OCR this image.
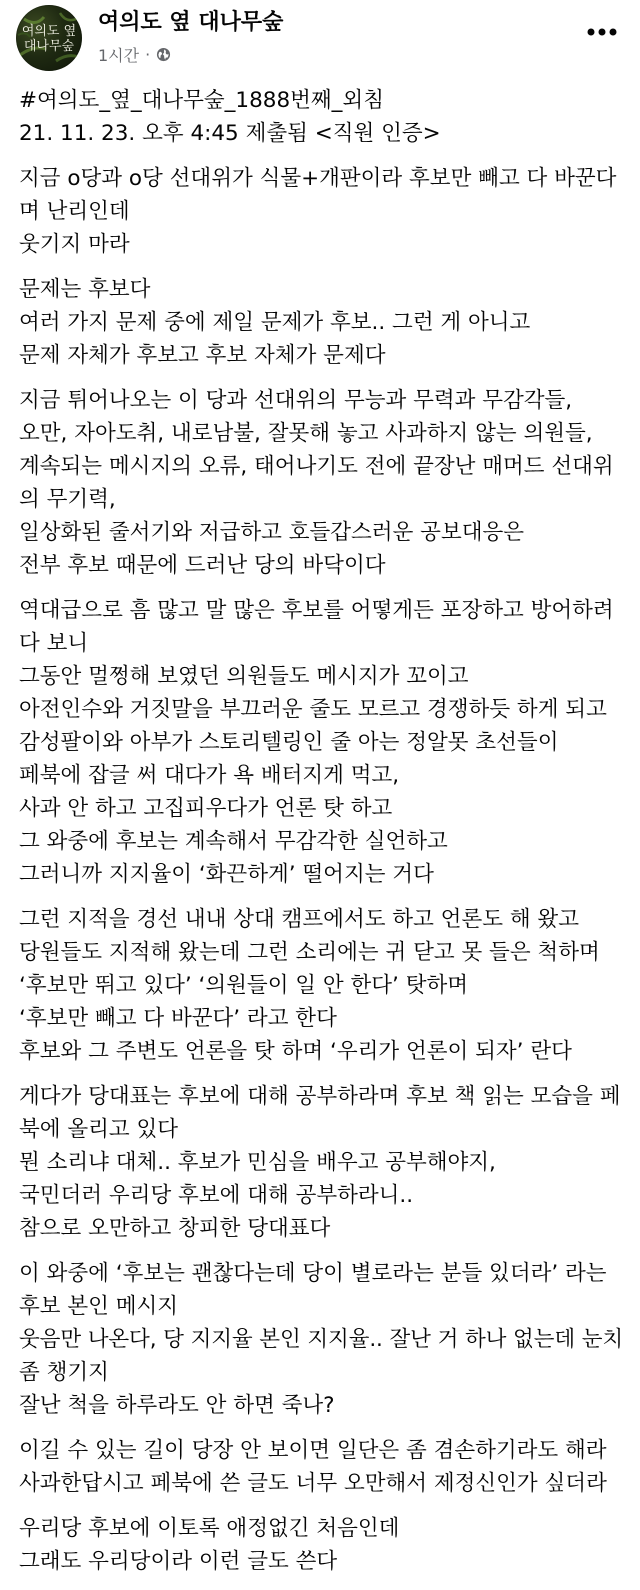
여의도 옆
대나무숲
여의도 옆 대나무숲
1시간 ·
#여의도_옆_대나무숲_1888번째_외침
21. 11. 23. 오후 4:45 제출됨 <직원 인증>
지금 o당과 o당 선대위가 식물+개판이라 후보만 빼고 다 바꾼다
며 난리인데
웃기지 마라
문제는 후보다
여러 가지 문제 중에 제일 문제가 후보.. 그런 게 아니고
문제 자체가 후보고 후보 자체가 문제다
지금 튀어나오는 이 당과 선대위의 무능과 무력과 무감각들,
오만, 자아도취, 내로남불, 잘못해 놓고 사과하지 않는 의원들,
계속되는 메시지의 오류, 태어나기도 전에 끝장난 매머드 선대위
의 무기력,
일상화된 줄서기와 저급하고 호들갑스러운 공보대응은
전부 후보 때문에 드러난 당의 바닥이다
역대급으로 흠 많고 말 많은 후보를 어떻게든 포장하고 방어하려
다 보니
그동안 멀쩡해 보였던 의원들도 메시지가 꼬이고
아전인수와 거짓말을 부끄러운 줄도 모르고 경쟁하듯 하게 되고
감성팔이와 아부가 스토리텔링인 줄 아는 정알못 초선들이
페북에 잡글 써 대다가 욕 배터지게 먹고,
사과 안 하고 고집피우다가 언론 탓 하고
그 와중에 후보는 계속해서 무감각한 실언하고
그러니까 지지율이 ‘화끈하게’ 떨어지는 거다
그런 지적을 경선 내내 상대 캠프에서도 하고 언론도 해 왔고
당원들도 지적해 왔는데 그런 소리에는 귀 닫고 못 들은 척하며
‘후보만 뛰고 있다’ ‘의원들이 일 안 한다’ 탓하며
‘후보만 빼고 다 바꾼다’ 라고 한다
후보와 그 주변도 언론을 탓 하며 ‘우리가 언론이 되자’ 란다
게다가 당대표는 후보에 대해 공부하라며 후보 책 읽는 모습을 페
북에 올리고 있다
뭔 소리냐 대체.. 후보가 민심을 배우고 공부해야지,
국민더러 우리당 후보에 대해 공부하라니..
참으로 오만하고 창피한 당대표다
이 와중에 ‘후보는 괜찮다는데 당이 별로라는 분들 있더라’ 라는
후보 본인 메시지
웃음만 나온다, 당 지지율 본인 지지율.. 잘난 거 하나 없는데 눈치
좀 챙기지
잘난 척을 하루라도 안 하면 죽나?
이길 수 있는 길이 당장 안 보이면 일단은 좀 겸손하기라도 해라
사과한답시고 페북에 쓴 글도 너무 오만해서 제정신인가 싶더라
우리당 후보에 이토록 애정없긴 처음인데
그래도 우리당이라 이런 글도 쓴다
